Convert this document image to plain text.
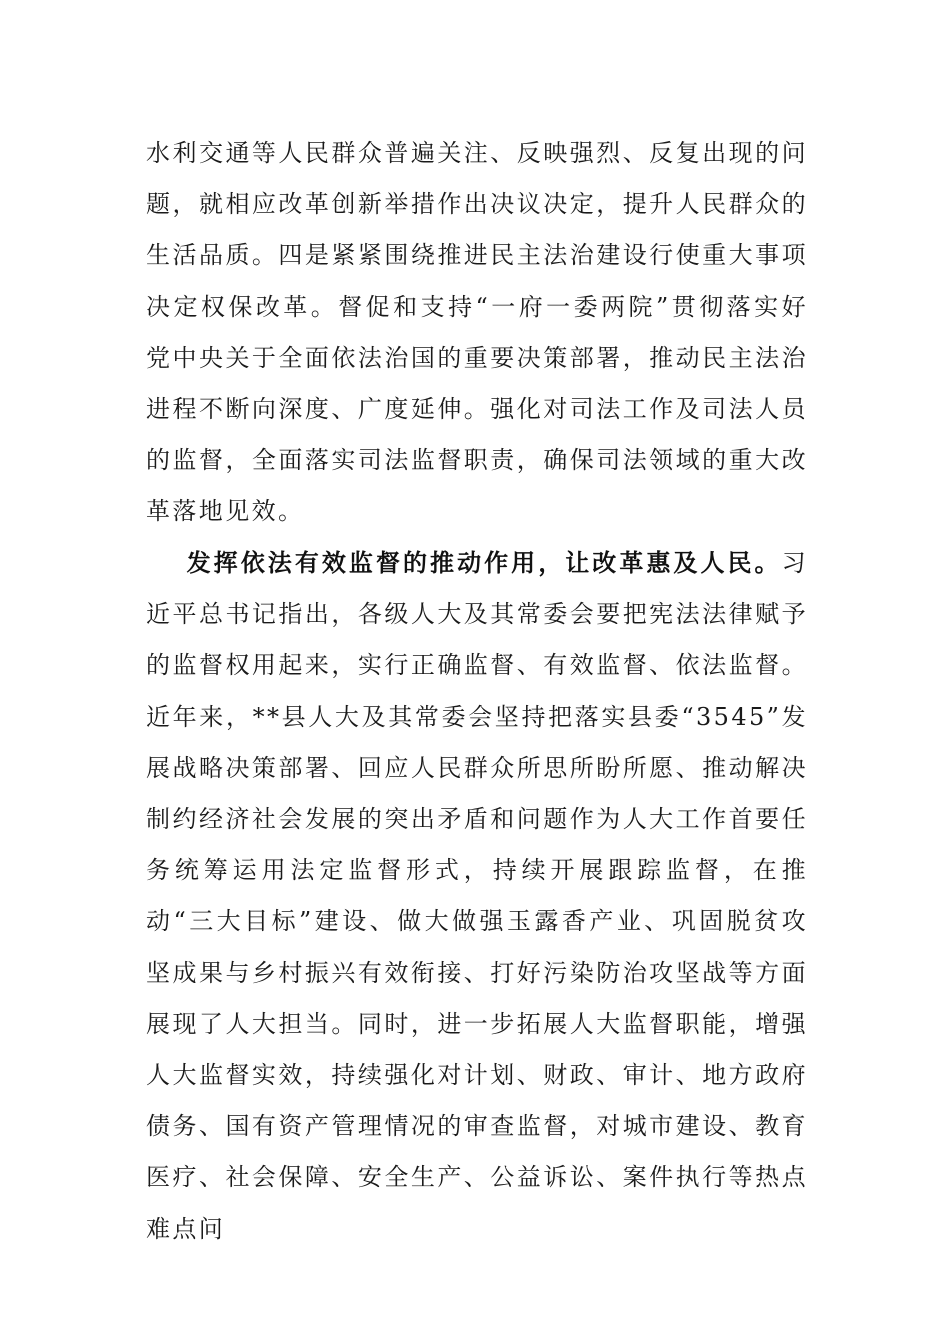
水利交通等人民群众普遍关注、反映强烈、反复出现的问题，就相应改革创新举措作出决议决定，提升人民群众的生活品质。四是紧紧围绕推进民主法治建设行使重大事项决定权保改革。督促和支持“一府一委两院”贯彻落实好党中央关于全面依法治国的重要决策部署，推动民主法治进程不断向深度、广度延伸。强化对司法工作及司法人员的监督，全面落实司法监督职责，确保司法领域的重大改革落地见效。

发挥依法有效监督的推动作用，让改革惠及人民。习近平总书记指出，各级人大及其常委会要把宪法法律赋予的监督权用起来，实行正确监督、有效监督、依法监督。近年来，**县人大及其常委会坚持把落实县委“3545”发展战略决策部署、回应人民群众所思所盼所愿、推动解决制约经济社会发展的突出矛盾和问题作为人大工作首要任务统筹运用法定监督形式，持续开展跟踪监督，在推动“三大目标”建设、做大做强玉露香产业、巩固脱贫攻坚成果与乡村振兴有效衔接、打好污染防治攻坚战等方面展现了人大担当。同时，进一步拓展人大监督职能，增强人大监督实效，持续强化对计划、财政、审计、地方政府债务、国有资产管理情况的审查监督，对城市建设、教育医疗、社会保障、安全生产、公益诉讼、案件执行等热点难点问
